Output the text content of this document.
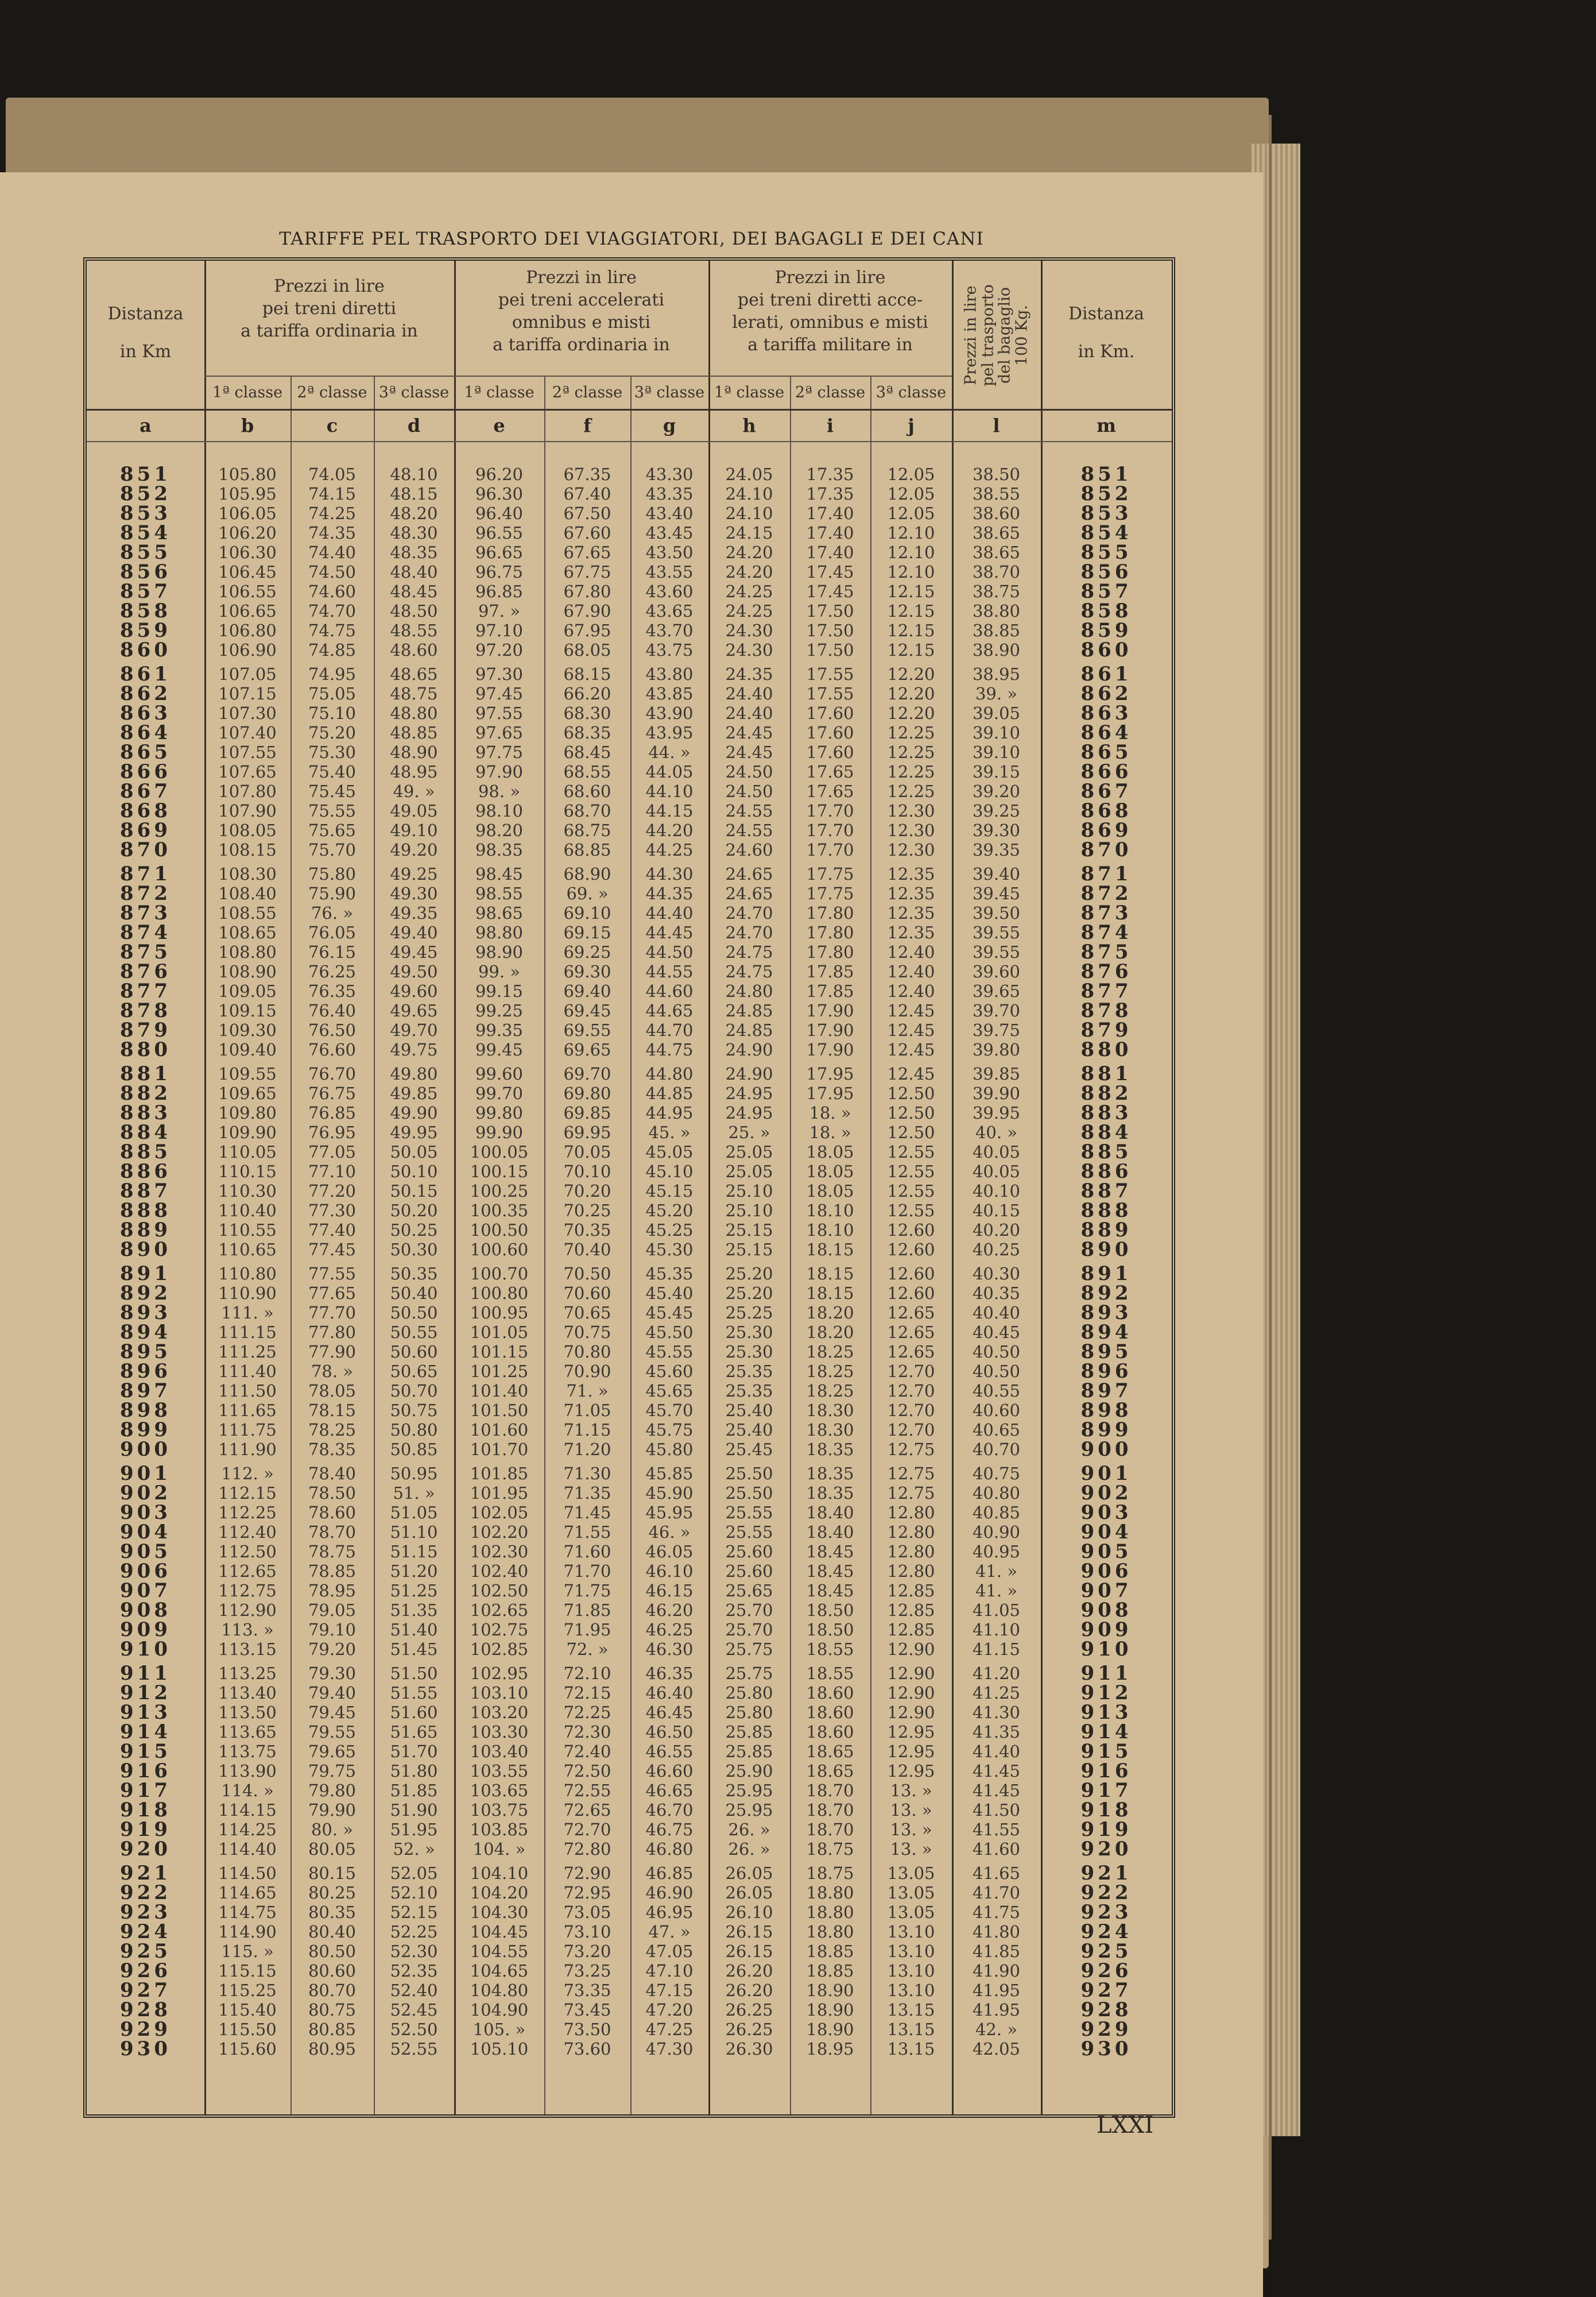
TARIFFE PEL TRASPORTO DEI VIAGGIATORI, DEI BAGAGLI E DEI CANI
Distanza
in Km
Distanza
in Km.
Prezzi in lire
pei treni diretti
a tariffa ordinaria in
Prezzi in lire
pei treni accelerati
omnibus e misti
a tariffa ordinaria in
Prezzi in lire
pei treni diretti acce-
lerati, omnibus e misti
a tariffa militare in	Prezzi in lire
pel trasporto
del bagaglio
100 Kg.
1ª classe 2ª classe 3ª classe 1ª classe	2ª classe 3ª classe 1ª classe 2ª classe 3ª classe
a	b	c	d	e	f	g	h	i	j	l	m
851	105.80	74.05	48.10	96.20	67.35	43.30	24.05	17.35	12.05	38.50	851
852	105.95	74.15	48.15	96.30	67.40	43.35	24.10	17.35	12.05	38.55	852
853	106.05	74.25	48.20	96.40	67.50	43.40	24.10	17.40	12.05	38.60	853
854	106.20	74.35	48.30	96.55	67.60	43.45	24.15	17.40	12.10	38.65	854
855	106.30	74.40	48.35	96.65	67.65	43.50	24.20	17.40	12.10	38.65	855
856	106.45	74.50	48.40	96.75	67.75	43.55	24.20	17.45	12.10	38.70	856
857	106.55	74.60	48.45	96.85	67.80	43.60	24.25	17.45	12.15	38.75	857
858	106.65	74.70	48.50	97. »	67.90	43.65	24.25	17.50	12.15	38.80	858
859	106.80	74.75	48.55	97.10	67.95	43.70	24.30	17.50	12.15	38.85	859
860	106.90	74.85	48.60	97.20	68.05	43.75	24.30	17.50	12.15	38.90	860
861	107.05	74.95	48.65	97.30	68.15	43.80	24.35	17.55	12.20	38.95	861
862	107.15	75.05	48.75	97.45	66.20	43.85	24.40	17.55	12.20	39. »	862
863	107.30	75.10	48.80	97.55	68.30	43.90	24.40	17.60	12.20	39.05	863
864	107.40	75.20	48.85	97.65	68.35	43.95	24.45	17.60	12.25	39.10	864
865	107.55	75.30	48.90	97.75	68.45	44. »	24.45	17.60	12.25	39.10	865
866	107.65	75.40	48.95	97.90	68.55	44.05	24.50	17.65	12.25	39.15	866
867	107.80	75.45	49. »	98. »	68.60	44.10	24.50	17.65	12.25	39.20	867
868	107.90	75.55	49.05	98.10	68.70	44.15	24.55	17.70	12.30	39.25	868
869	108.05	75.65	49.10	98.20	68.75	44.20	24.55	17.70	12.30	39.30	869
870	108.15	75.70	49.20	98.35	68.85	44.25	24.60	17.70	12.30	39.35	870
871	108.30	75.80	49.25	98.45	68.90	44.30	24.65	17.75	12.35	39.40	871
872	108.40	75.90	49.30	98.55	69. »	44.35	24.65	17.75	12.35	39.45	872
873	108.55	76. »	49.35	98.65	69.10	44.40	24.70	17.80	12.35	39.50	873
874	108.65	76.05	49.40	98.80	69.15	44.45	24.70	17.80	12.35	39.55	874
875	108.80	76.15	49.45	98.90	69.25	44.50	24.75	17.80	12.40	39.55	875
876	108.90	76.25	49.50	99. »	69.30	44.55	24.75	17.85	12.40	39.60	876
877	109.05	76.35	49.60	99.15	69.40	44.60	24.80	17.85	12.40	39.65	877
878	109.15	76.40	49.65	99.25	69.45	44.65	24.85	17.90	12.45	39.70	878
879	109.30	76.50	49.70	99.35	69.55	44.70	24.85	17.90	12.45	39.75	879
880	109.40	76.60	49.75	99.45	69.65	44.75	24.90	17.90	12.45	39.80	880
881	109.55	76.70	49.80	99.60	69.70	44.80	24.90	17.95	12.45	39.85	881
882	109.65	76.75	49.85	99.70	69.80	44.85	24.95	17.95	12.50	39.90	882
883	109.80	76.85	49.90	99.80	69.85	44.95	24.95	18. »	12.50	39.95	883
884	109.90	76.95	49.95	99.90	69.95	45. »	25. »	18. »	12.50	40. »	884
885	110.05	77.05	50.05	100.05	70.05	45.05	25.05	18.05	12.55	40.05	885
886	110.15	77.10	50.10	100.15	70.10	45.10	25.05	18.05	12.55	40.05	886
887	110.30	77.20	50.15	100.25	70.20	45.15	25.10	18.05	12.55	40.10	887
888	110.40	77.30	50.20	100.35	70.25	45.20	25.10	18.10	12.55	40.15	888
889	110.55	77.40	50.25	100.50	70.35	45.25	25.15	18.10	12.60	40.20	889
890	110.65	77.45	50.30	100.60	70.40	45.30	25.15	18.15	12.60	40.25	890
891	110.80	77.55	50.35	100.70	70.50	45.35	25.20	18.15	12.60	40.30	891
892	110.90	77.65	50.40	100.80	70.60	45.40	25.20	18.15	12.60	40.35	892
893	111. »	77.70	50.50	100.95	70.65	45.45	25.25	18.20	12.65	40.40	893
894	111.15	77.80	50.55	101.05	70.75	45.50	25.30	18.20	12.65	40.45	894
895	111.25	77.90	50.60	101.15	70.80	45.55	25.30	18.25	12.65	40.50	895
896	111.40	78. »	50.65	101.25	70.90	45.60	25.35	18.25	12.70	40.50	896
897	111.50	78.05	50.70	101.40	71. »	45.65	25.35	18.25	12.70	40.55	897
898	111.65	78.15	50.75	101.50	71.05	45.70	25.40	18.30	12.70	40.60	898
899	111.75	78.25	50.80	101.60	71.15	45.75	25.40	18.30	12.70	40.65	899
900	111.90	78.35	50.85	101.70	71.20	45.80	25.45	18.35	12.75	40.70	900
901	112. »	78.40	50.95	101.85	71.30	45.85	25.50	18.35	12.75	40.75	901
902	112.15	78.50	51. »	101.95	71.35	45.90	25.50	18.35	12.75	40.80	902
903	112.25	78.60	51.05	102.05	71.45	45.95	25.55	18.40	12.80	40.85	903
904	112.40	78.70	51.10	102.20	71.55	46. »	25.55	18.40	12.80	40.90	904
905	112.50	78.75	51.15	102.30	71.60	46.05	25.60	18.45	12.80	40.95	905
906	112.65	78.85	51.20	102.40	71.70	46.10	25.60	18.45	12.80	41. »	906
907	112.75	78.95	51.25	102.50	71.75	46.15	25.65	18.45	12.85	41. »	907
908	112.90	79.05	51.35	102.65	71.85	46.20	25.70	18.50	12.85	41.05	908
909	113. »	79.10	51.40	102.75	71.95	46.25	25.70	18.50	12.85	41.10	909
910	113.15	79.20	51.45	102.85	72. »	46.30	25.75	18.55	12.90	41.15	910
911	113.25	79.30	51.50	102.95	72.10	46.35	25.75	18.55	12.90	41.20	911
912	113.40	79.40	51.55	103.10	72.15	46.40	25.80	18.60	12.90	41.25	912
913	113.50	79.45	51.60	103.20	72.25	46.45	25.80	18.60	12.90	41.30	913
914	113.65	79.55	51.65	103.30	72.30	46.50	25.85	18.60	12.95	41.35	914
915	113.75	79.65	51.70	103.40	72.40	46.55	25.85	18.65	12.95	41.40	915
916	113.90	79.75	51.80	103.55	72.50	46.60	25.90	18.65	12.95	41.45	916
917	114. »	79.80	51.85	103.65	72.55	46.65	25.95	18.70	13. »	41.45	917
918	114.15	79.90	51.90	103.75	72.65	46.70	25.95	18.70	13. »	41.50	918
919	114.25	80. »	51.95	103.85	72.70	46.75	26. »	18.70	13. »	41.55	919
920	114.40	80.05	52. »	104. »	72.80	46.80	26. »	18.75	13. »	41.60	920
921	114.50	80.15	52.05	104.10	72.90	46.85	26.05	18.75	13.05	41.65	921
922	114.65	80.25	52.10	104.20	72.95	46.90	26.05	18.80	13.05	41.70	922
923	114.75	80.35	52.15	104.30	73.05	46.95	26.10	18.80	13.05	41.75	923
924	114.90	80.40	52.25	104.45	73.10	47. »	26.15	18.80	13.10	41.80	924
925	115. »	80.50	52.30	104.55	73.20	47.05	26.15	18.85	13.10	41.85	925
926	115.15	80.60	52.35	104.65	73.25	47.10	26.20	18.85	13.10	41.90	926
927	115.25	80.70	52.40	104.80	73.35	47.15	26.20	18.90	13.10	41.95	927
928	115.40	80.75	52.45	104.90	73.45	47.20	26.25	18.90	13.15	41.95	928
929	115.50	80.85	52.50	105. »	73.50	47.25	26.25	18.90	13.15	42. »	929
930	115.60	80.95	52.55	105.10	73.60	47.30	26.30	18.95	13.15	42.05	930
LXXI
